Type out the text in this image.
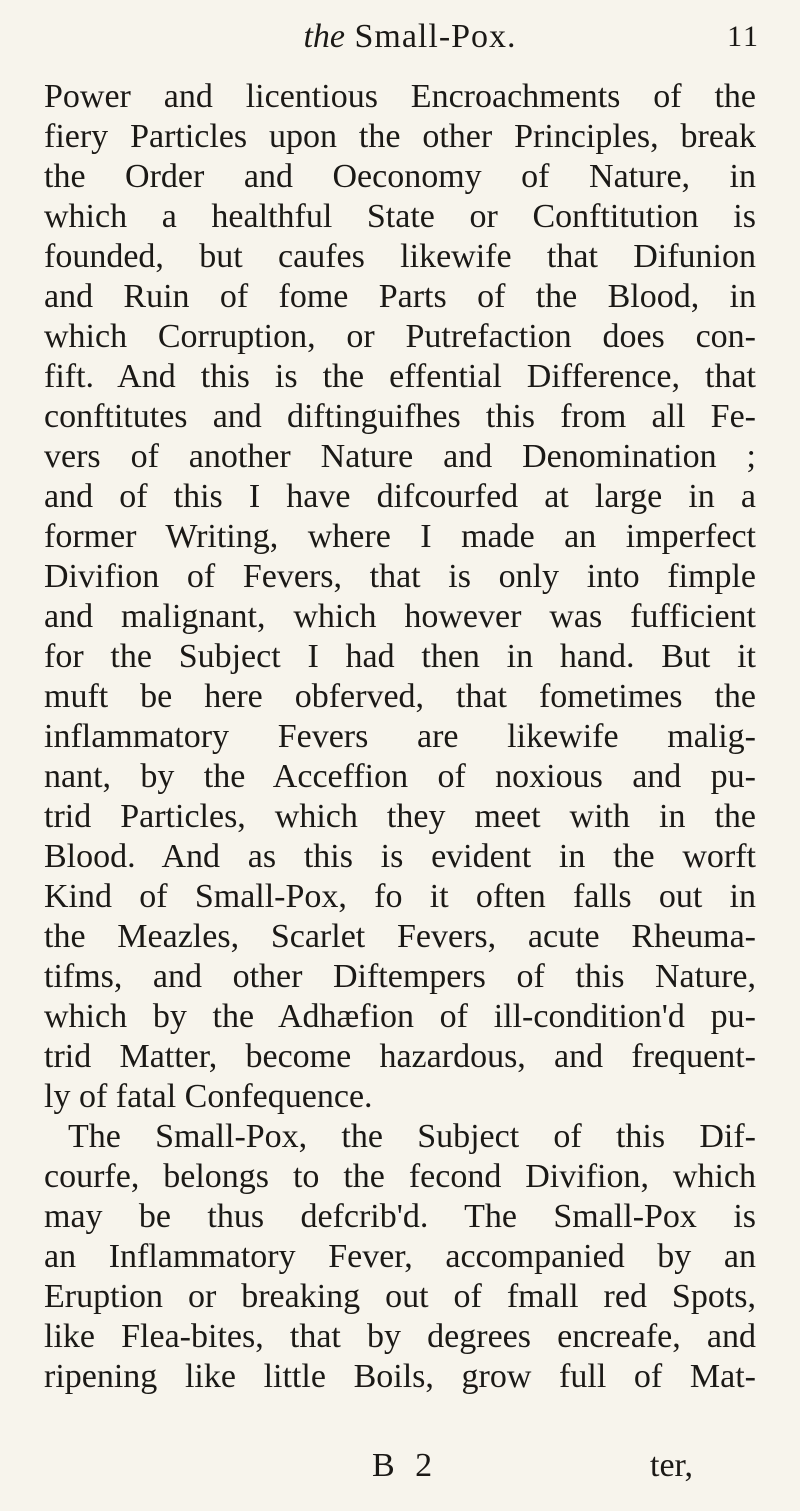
the Small-Pox.	11
Power and licentious Encroachments of the
fiery Particles upon the other Principles, break
the Order and Oeconomy of Nature, in
which a healthful State or Conftitution is
founded, but caufes likewife that Difunion
and Ruin of fome Parts of the Blood, in
which Corruption, or Putrefaction does con-
fift. And this is the effential Difference, that
conftitutes and diftinguifhes this from all Fe-
vers of another Nature and Denomination ;
and of this I have difcourfed at large in a
former Writing, where I made an imperfect
Divifion of Fevers, that is only into fimple
and malignant, which however was fufficient
for the Subject I had then in hand. But it
muft be here obferved, that fometimes the
inflammatory Fevers are likewife malig-
nant, by the Acceffion of noxious and pu-
trid Particles, which they meet with in the
Blood. And as this is evident in the worft
Kind of Small-Pox, fo it often falls out in
the Meazles, Scarlet Fevers, acute Rheuma-
tifms, and other Diftempers of this Nature,
which by the Adhæfion of ill-condition'd pu-
trid Matter, become hazardous, and frequent-
ly of fatal Confequence.
The Small-Pox, the Subject of this Dif-
courfe, belongs to the fecond Divifion, which
may be thus defcrib'd. The Small-Pox is
an Inflammatory Fever, accompanied by an
Eruption or breaking out of fmall red Spots,
like Flea-bites, that by degrees encreafe, and
ripening like little Boils, grow full of Mat-
B 2	ter,
